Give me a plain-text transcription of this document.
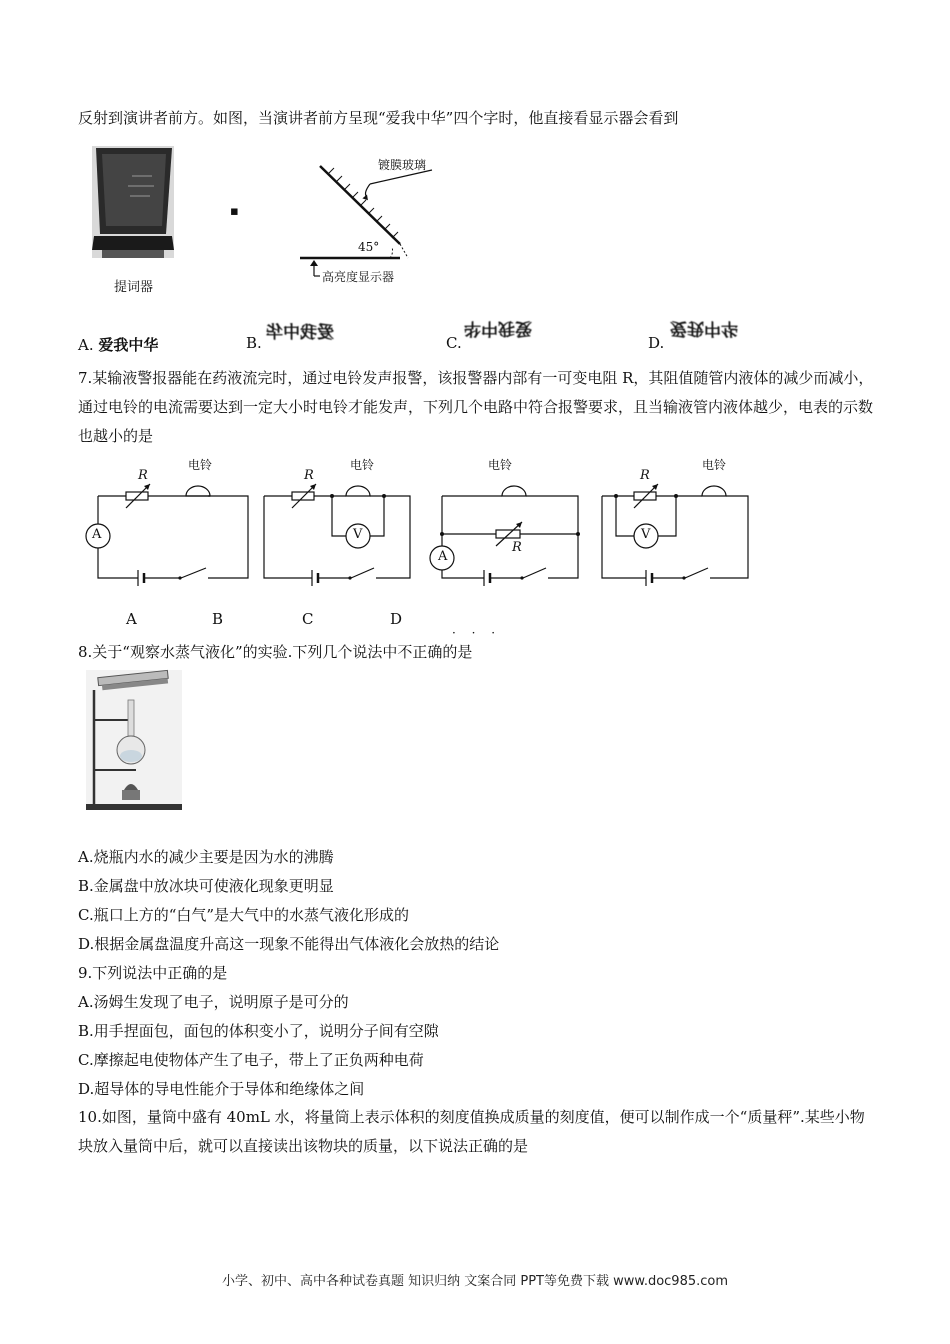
反射到演讲者前方。如图，当演讲者前方呈现“爱我中华”四个字时，他直接看显示器会看到
提词器
▪
镀膜玻璃
45°
高亮度显示器
A. 爱我中华	B. 爱我中华	C.
爱我中华
D.
爱我中华
7.某输液警报器能在药液流完时，通过电铃发声报警，该报警器内部有一可变电阻 R，其阻值随管内液体的减少而减小，通过电铃的电流需要达到一定大小时电铃才能发声，下列几个电路中符合报警要求，且当输液管内液体越少，电表的示数也越小的是
A
R
电铃
V
R
电铃
A
R
电铃
V
R
电铃
A	B	C	D
· · ·
8.关于“观察水蒸气液化”的实验.下列几个说法中不正确的是
A.烧瓶内水的减少主要是因为水的沸腾
B.金属盘中放冰块可使液化现象更明显
C.瓶口上方的“白气”是大气中的水蒸气液化形成的
D.根据金属盘温度升高这一现象不能得出气体液化会放热的结论
9.下列说法中正确的是
A.汤姆生发现了电子，说明原子是可分的
B.用手捏面包，面包的体积变小了，说明分子间有空隙
C.摩擦起电使物体产生了电子，带上了正负两种电荷
D.超导体的导电性能介于导体和绝缘体之间
10.如图，量筒中盛有 40mL 水，将量筒上表示体积的刻度值换成质量的刻度值，便可以制作成一个“质量秤”.某些小物块放入量筒中后，就可以直接读出该物块的质量，以下说法正确的是
小学、初中、高中各种试卷真题 知识归纳 文案合同 PPT等免费下载 www.doc985.com
